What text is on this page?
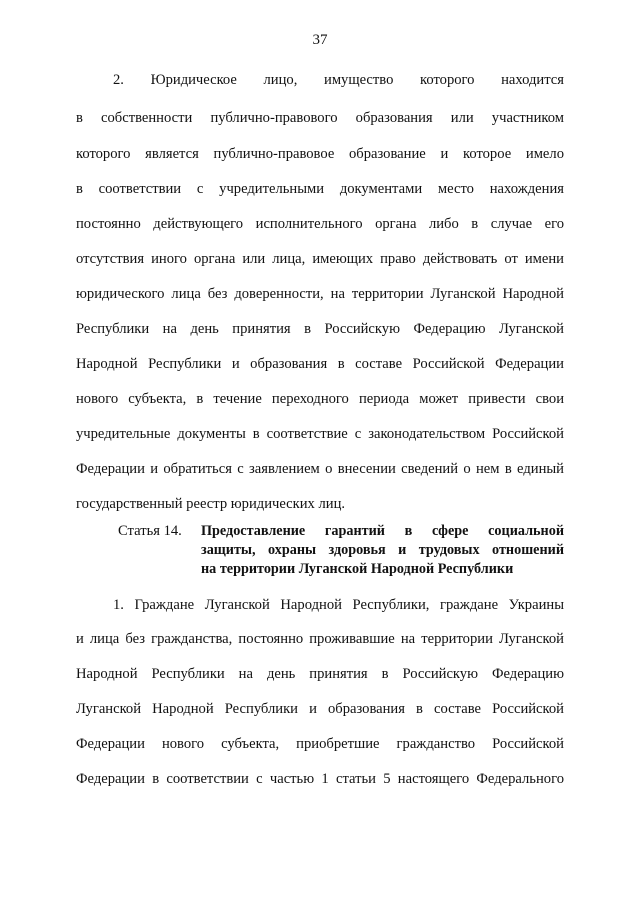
37
2. Юридическое лицо, имущество которого находится
в собственности публично-правового образования или участником
которого является публично-правовое образование и которое имело
в соответствии с учредительными документами место нахождения
постоянно действующего исполнительного органа либо в случае его
отсутствия иного органа или лица, имеющих право действовать от имени
юридического лица без доверенности, на территории Луганской Народной
Республики на день принятия в Российскую Федерацию Луганской
Народной Республики и образования в составе Российской Федерации
нового субъекта, в течение переходного периода может привести свои
учредительные документы в соответствие с законодательством Российской
Федерации и обратиться с заявлением о внесении сведений о нем в единый
государственный реестр юридических лиц.
Статья 14. Предоставление гарантий в сфере социальной
защиты, охраны здоровья и трудовых отношений
на территории Луганской Народной Республики
1. Граждане Луганской Народной Республики, граждане Украины
и лица без гражданства, постоянно проживавшие на территории Луганской
Народной Республики на день принятия в Российскую Федерацию
Луганской Народной Республики и образования в составе Российской
Федерации нового субъекта, приобретшие гражданство Российской
Федерации в соответствии с частью 1 статьи 5 настоящего Федерального
